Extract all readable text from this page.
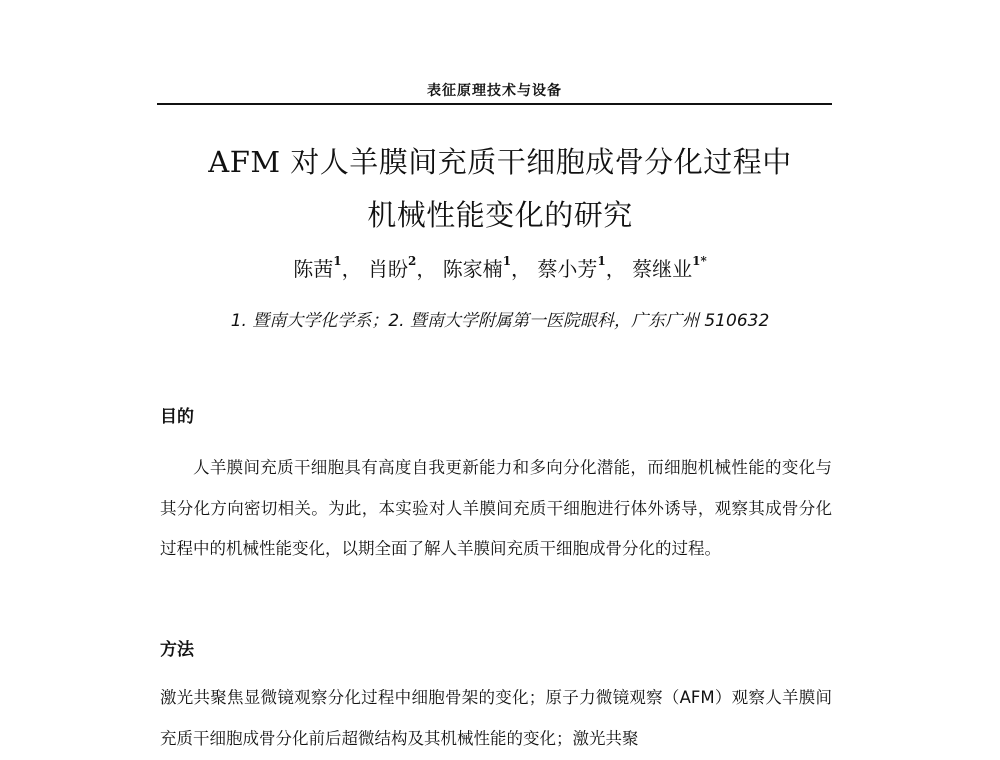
表征原理技术与设备
AFM 对人羊膜间充质干细胞成骨分化过程中
机械性能变化的研究
陈茜$^1$， 肖盼$^2$， 陈家楠$^1$， 蔡小芳$^1$， 蔡继业$^{1*}$
1. 暨南大学化学系；2. 暨南大学附属第一医院眼科，广东广州 510632
目的
人羊膜间充质干细胞具有高度自我更新能力和多向分化潜能，而细胞机械性能的变化与其分化方向密切相关。为此，本实验对人羊膜间充质干细胞进行体外诱导，观察其成骨分化过程中的机械性能变化，以期全面了解人羊膜间充质干细胞成骨分化的过程。
方法
激光共聚焦显微镜观察分化过程中细胞骨架的变化；原子力微镜观察（AFM）观察人羊膜间充质干细胞成骨分化前后超微结构及其机械性能的变化；激光共聚
